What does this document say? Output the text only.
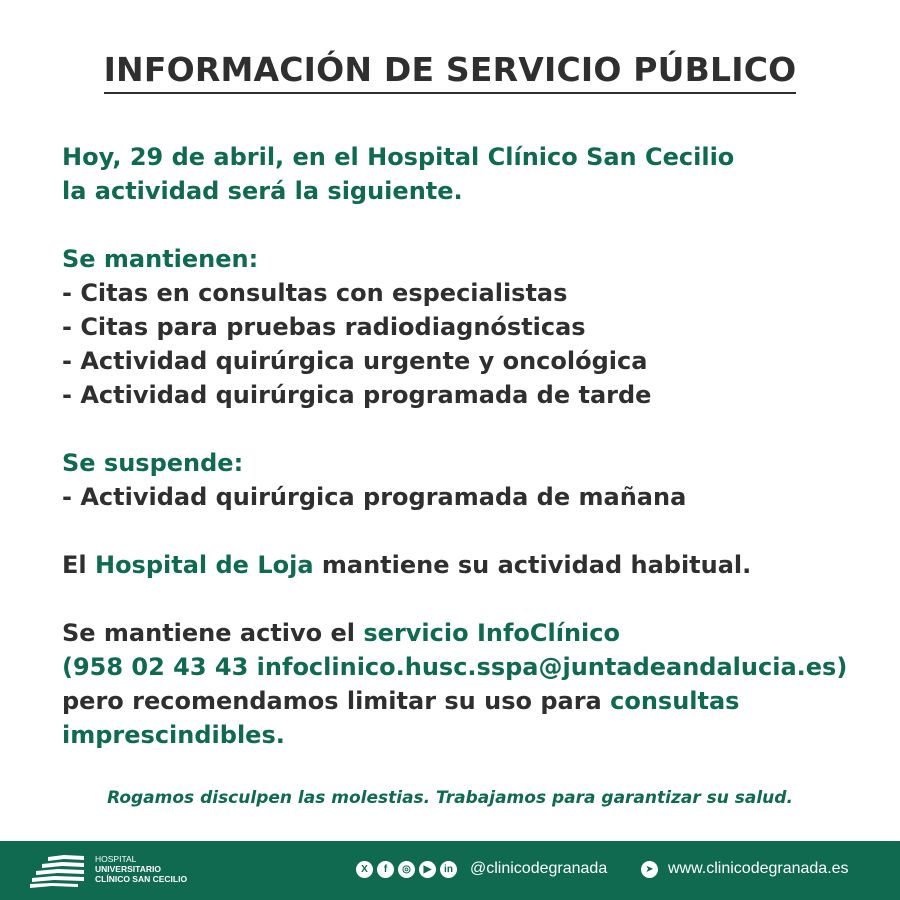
INFORMACIÓN DE SERVICIO PÚBLICO

Hoy, 29 de abril, en el Hospital Clínico San Cecilio

la actividad será la siguiente.

Se mantienen:

- Citas en consultas con especialistas

- Citas para pruebas radiodiagnósticas

- Actividad quirúrgica urgente y oncológica

- Actividad quirúrgica programada de tarde

Se suspende:

- Actividad quirúrgica programada de mañana

El Hospital de Loja mantiene su actividad habitual.

Se mantiene activo el servicio InfoClínico

(958 02 43 43 infoclinico.husc.sspa@juntadeandalucia.es)

pero recomendamos limitar su uso para consultas

imprescindibles.

Rogamos disculpen las molestias. Trabajamos para garantizar su salud.
HOSPITAL
UNIVERSITARIO
CLÍNICO SAN CECILIO
X	f	◎	▶	in @clinicodegranada	➤ www.clinicodegranada.es
